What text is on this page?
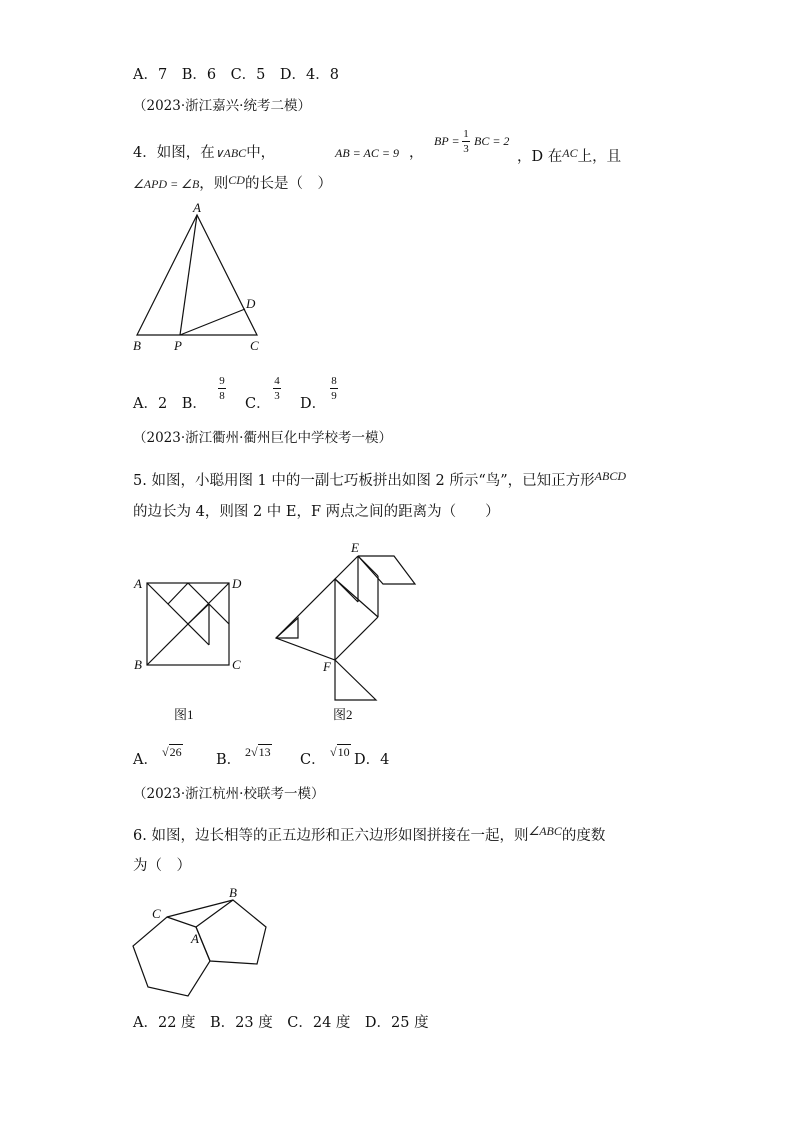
A．7　B．6　C．5　D．4．8
（2023·浙江嘉兴·统考二模）
4．如图，在∨ABC中，	AB = AC = 9 ，
BP = 1
3
BC = 2
，D 在$^{AC}$上，且
∠APD = ∠B，则$^{CD}$的长是（　）
A
B	P	C
D
A．2　B．
9
8 C．
4
3 D．
8
9
（2023·浙江衢州·衢州巨化中学校考一模）
5. 如图，小聪用图 1 中的一副七巧板拼出如图 2 所示“鸟”，已知正方形$^{ABCD}$
的边长为 4，则图 2 中 E，F 两点之间的距离为（　　）
A	D
B	C
图1
E
F
图2
A． √26 B． 2√13 C． √10 D．4
（2023·浙江杭州·校联考一模）
6. 如图，边长相等的正五边形和正六边形如图拼接在一起，则$^{\angle ABC}$的度数
为（　）
B
C
A
A．22 度　B．23 度　C．24 度　D．25 度
